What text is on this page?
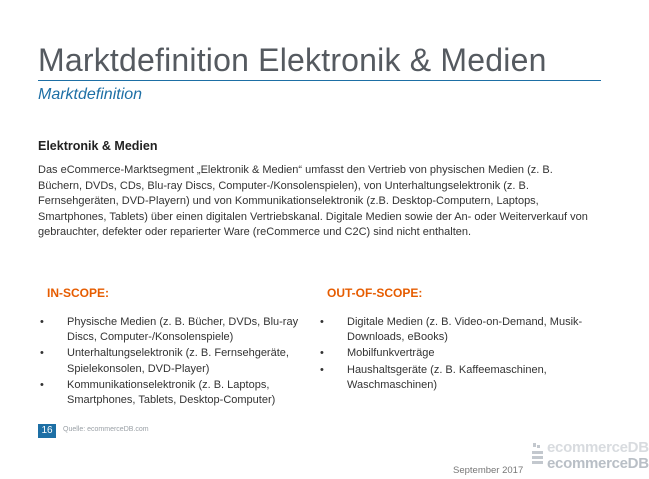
Marktdefinition Elektronik & Medien
Marktdefinition
Elektronik & Medien
Das eCommerce-Marktsegment „Elektronik & Medien“ umfasst den Vertrieb von physischen Medien (z. B. Büchern, DVDs, CDs, Blu-ray Discs, Computer-/Konsolenspielen), von Unterhaltungselektronik (z. B. Fernsehgeräten, DVD-Playern) und von Kommunikationselektronik (z.B. Desktop-Computern, Laptops, Smartphones, Tablets) über einen digitalen Vertriebskanal. Digitale Medien sowie der An- oder Weiterverkauf von gebrauchter, defekter oder reparierter Ware (reCommerce und C2C) sind nicht enthalten.
IN-SCOPE:	OUT-OF-SCOPE:
• Physische Medien (z. B. Bücher, DVDs, Blu-ray Discs, Computer-/Konsolenspiele)
• Unterhaltungselektronik (z. B. Fernsehgeräte, Spielekonsolen, DVD-Player)
• Kommunikationselektronik (z. B. Laptops, Smartphones, Tablets, Desktop-Computer)
• Digitale Medien (z. B. Video-on-Demand, Musik-Downloads, eBooks)
• Mobilfunkverträge
• Haushaltsgeräte (z. B. Kaffeemaschinen, Waschmaschinen)
16	Quelle: ecommerceDB.com
September 2017
ecommerceDB
ecommerceDB
